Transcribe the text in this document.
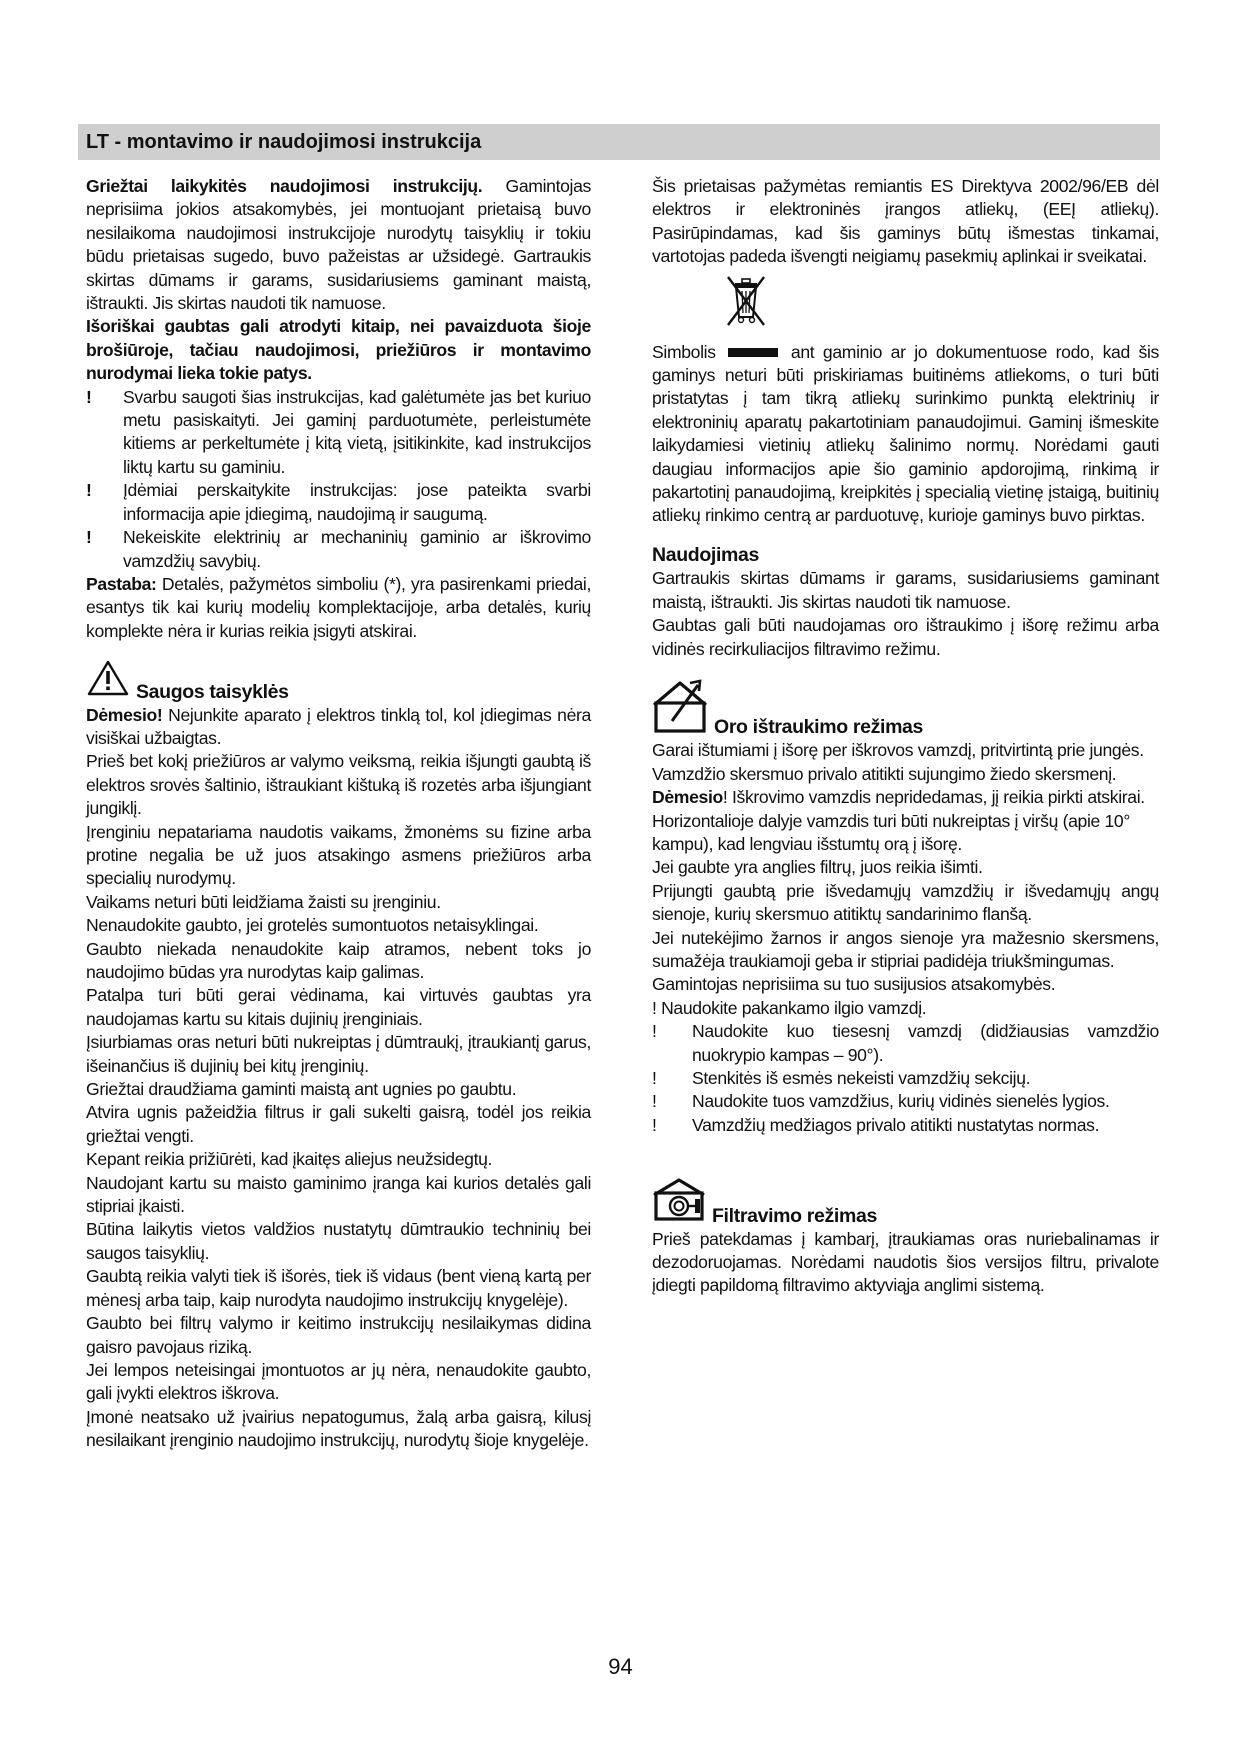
LT - montavimo ir naudojimosi instrukcija

Griežtai laikykitės naudojimosi instrukcijų. Gamintojas neprisiima jokios atsakomybės, jei montuojant prietaisą buvo nesilaikoma naudojimosi instrukcijoje nurodytų taisyklių ir tokiu būdu prietaisas sugedo, buvo pažeistas ar užsidegė. Gartraukis skirtas dūmams ir garams, susidariusiems gaminant maistą, ištraukti. Jis skirtas naudoti tik namuose.

Išoriškai gaubtas gali atrodyti kitaip, nei pavaizduota šioje brošiūroje, tačiau naudojimosi, priežiūros ir montavimo nurodymai lieka tokie patys.

! Svarbu saugoti šias instrukcijas, kad galėtumėte jas bet kuriuo metu pasiskaityti. Jei gaminį parduotumėte, perleistumėte kitiems ar perkeltumėte į kitą vietą, įsitikinkite, kad instrukcijos liktų kartu su gaminiu.
! Įdėmiai perskaitykite instrukcijas: jose pateikta svarbi informacija apie įdiegimą, naudojimą ir saugumą.
! Nekeiskite elektrinių ar mechaninių gaminio ar iškrovimo vamzdžių savybių.

Pastaba: Detalės, pažymėtos simboliu (*), yra pasirenkami priedai, esantys tik kai kurių modelių komplektacijoje, arba detalės, kurių komplekte nėra ir kurias reikia įsigyti atskirai.

Saugos taisyklės

Dėmesio! Nejunkite aparato į elektros tinklą tol, kol įdiegimas nėra visiškai užbaigtas.

Prieš bet kokį priežiūros ar valymo veiksmą, reikia išjungti gaubtą iš elektros srovės šaltinio, ištraukiant kištuką iš rozetės arba išjungiant jungiklį.

Įrenginiu nepatariama naudotis vaikams, žmonėms su fizine arba protine negalia be už juos atsakingo asmens priežiūros arba specialių nurodymų.

Vaikams neturi būti leidžiama žaisti su įrenginiu.

Nenaudokite gaubto, jei grotelės sumontuotos netaisyklingai.

Gaubto niekada nenaudokite kaip atramos, nebent toks jo naudojimo būdas yra nurodytas kaip galimas.

Patalpa turi būti gerai vėdinama, kai virtuvės gaubtas yra naudojamas kartu su kitais dujinių įrenginiais.

Įsiurbiamas oras neturi būti nukreiptas į dūmtraukį, įtraukiantį garus, išeinančius iš dujinių bei kitų įrenginių.

Griežtai draudžiama gaminti maistą ant ugnies po gaubtu.

Atvira ugnis pažeidžia filtrus ir gali sukelti gaisrą, todėl jos reikia griežtai vengti.

Kepant reikia prižiūrėti, kad įkaitęs aliejus neužsidegtų.

Naudojant kartu su maisto gaminimo įranga kai kurios detalės gali stipriai įkaisti.

Būtina laikytis vietos valdžios nustatytų dūmtraukio techninių bei saugos taisyklių.

Gaubtą reikia valyti tiek iš išorės, tiek iš vidaus (bent vieną kartą per mėnesį arba taip, kaip nurodyta naudojimo instrukcijų knygelėje).

Gaubto bei filtrų valymo ir keitimo instrukcijų nesilaikymas didina gaisro pavojaus riziką.

Jei lempos neteisingai įmontuotos ar jų nėra, nenaudokite gaubto, gali įvykti elektros iškrova.

Įmonė neatsako už įvairius nepatogumus, žalą arba gaisrą, kilusį nesilaikant įrenginio naudojimo instrukcijų, nurodytų šioje knygelėje.

Šis prietaisas pažymėtas remiantis ES Direktyva 2002/96/EB dėl elektros ir elektroninės įrangos atliekų, (EEĮ atliekų). Pasirūpindamas, kad šis gaminys būtų išmestas tinkamai, vartotojas padeda išvengti neigiamų pasekmių aplinkai ir sveikatai.

Simbolis	ant gaminio ar jo dokumentuose rodo, kad šis gaminys neturi būti priskiriamas buitinėms atliekoms, o turi būti pristatytas į tam tikrą atliekų surinkimo punktą elektrinių ir elektroninių aparatų pakartotiniam panaudojimui. Gaminį išmeskite laikydamiesi vietinių atliekų šalinimo normų. Norėdami gauti daugiau informacijos apie šio gaminio apdorojimą, rinkimą ir pakartotinį panaudojimą, kreipkitės į specialią vietinę įstaigą, buitinių atliekų rinkimo centrą ar parduotuvę, kurioje gaminys buvo pirktas.

Naudojimas

Gartraukis skirtas dūmams ir garams, susidariusiems gaminant maistą, ištraukti. Jis skirtas naudoti tik namuose.

Gaubtas gali būti naudojamas oro ištraukimo į išorę režimu arba vidinės recirkuliacijos filtravimo režimu.

Oro ištraukimo režimas

Garai ištumiami į išorę per iškrovos vamzdį, pritvirtintą prie jungės.

Vamzdžio skersmuo privalo atitikti sujungimo žiedo skersmenį.

Dėmesio! Iškrovimo vamzdis nepridedamas, jį reikia pirkti atskirai.

Horizontalioje dalyje vamzdis turi būti nukreiptas į viršų (apie 10° kampu), kad lengviau išstumtų orą į išorę.

Jei gaubte yra anglies filtrų, juos reikia išimti.

Prijungti gaubtą prie išvedamųjų vamzdžių ir išvedamųjų angų sienoje, kurių skersmuo atitiktų sandarinimo flanšą.

Jei nutekėjimo žarnos ir angos sienoje yra mažesnio skersmens, sumažėja traukiamoji geba ir stipriai padidėja triukšmingumas.

Gamintojas neprisiima su tuo susijusios atsakomybės.

! Naudokite pakankamo ilgio vamzdį.

! Naudokite kuo tiesesnį vamzdį (didžiausias vamzdžio nuokrypio kampas – 90°).
! Stenkitės iš esmės nekeisti vamzdžių sekcijų.
! Naudokite tuos vamzdžius, kurių vidinės sienelės lygios.
! Vamzdžių medžiagos privalo atitikti nustatytas normas.
Filtravimo režimas

Prieš patekdamas į kambarį, įtraukiamas oras nuriebalinamas ir dezodoruojamas. Norėdami naudotis šios versijos filtru, privalote įdiegti papildomą filtravimo aktyviąja anglimi sistemą.

94
